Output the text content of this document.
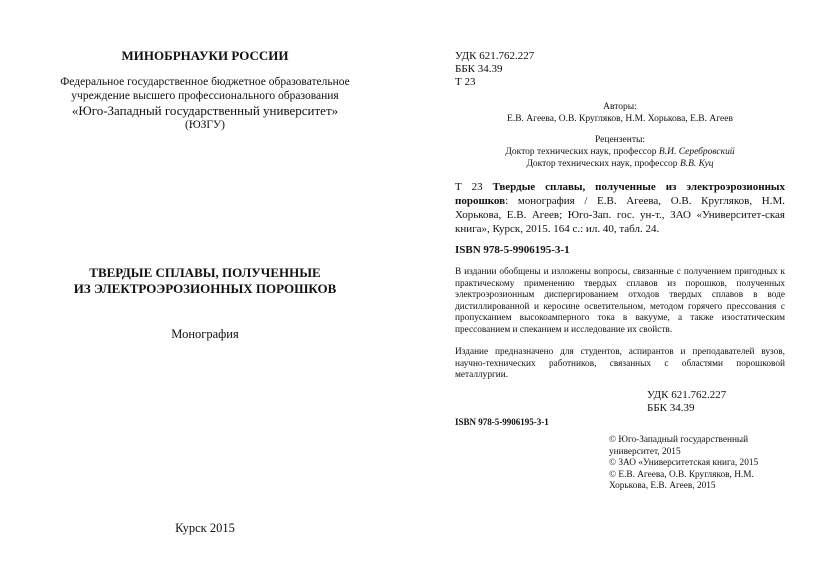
МИНОБРНАУКИ РОССИИ
Федеральное государственное бюджетное образовательное
учреждение высшего профессионального образования
«Юго-Западный государственный университет»
(ЮЗГУ)
ТВЕРДЫЕ СПЛАВЫ, ПОЛУЧЕННЫЕ
ИЗ ЭЛЕКТРОЭРОЗИОННЫХ ПОРОШКОВ
Монография
Курск 2015
УДК 621.762.227
ББК 34.39
Т 23
Авторы:
Е.В. Агеева, О.В. Кругляков, Н.М. Хорькова, Е.В. Агеев
Рецензенты:
Доктор технических наук, профессор В.И. Серебровский
Доктор технических наук, профессор В.В. Куц
Т 23 Твердые сплавы, полученные из электроэрозионных порошков: монография / Е.В. Агеева, О.В. Кругляков, Н.М. Хорькова, Е.В. Агеев; Юго-Зап. гос. ун-т., ЗАО «Университет-ская книга», Курск, 2015. 164 с.: ил. 40, табл. 24.
ISBN 978-5-9906195-3-1
В издании обобщены и изложены вопросы, связанные с получением пригодных к практическому применению твердых сплавов из порошков, полученных электроэрозионным диспергированием отходов твердых сплавов в воде дистиллированной и керосине осветительном, методом горячего прессования с пропусканием высокоамперного тока в вакууме, а также изостатическим прессованием и спеканием и исследование их свойств.
Издание предназначено для студентов, аспирантов и преподавателей вузов, научно-технических работников, связанных с областями порошковой металлургии.
УДК 621.762.227
ББК 34.39
ISBN 978-5-9906195-3-1
© Юго-Западный государственный
университет, 2015
© ЗАО «Университетская книга, 2015
© Е.В. Агеева, О.В. Кругляков, Н.М.
Хорькова, Е.В. Агеев, 2015
